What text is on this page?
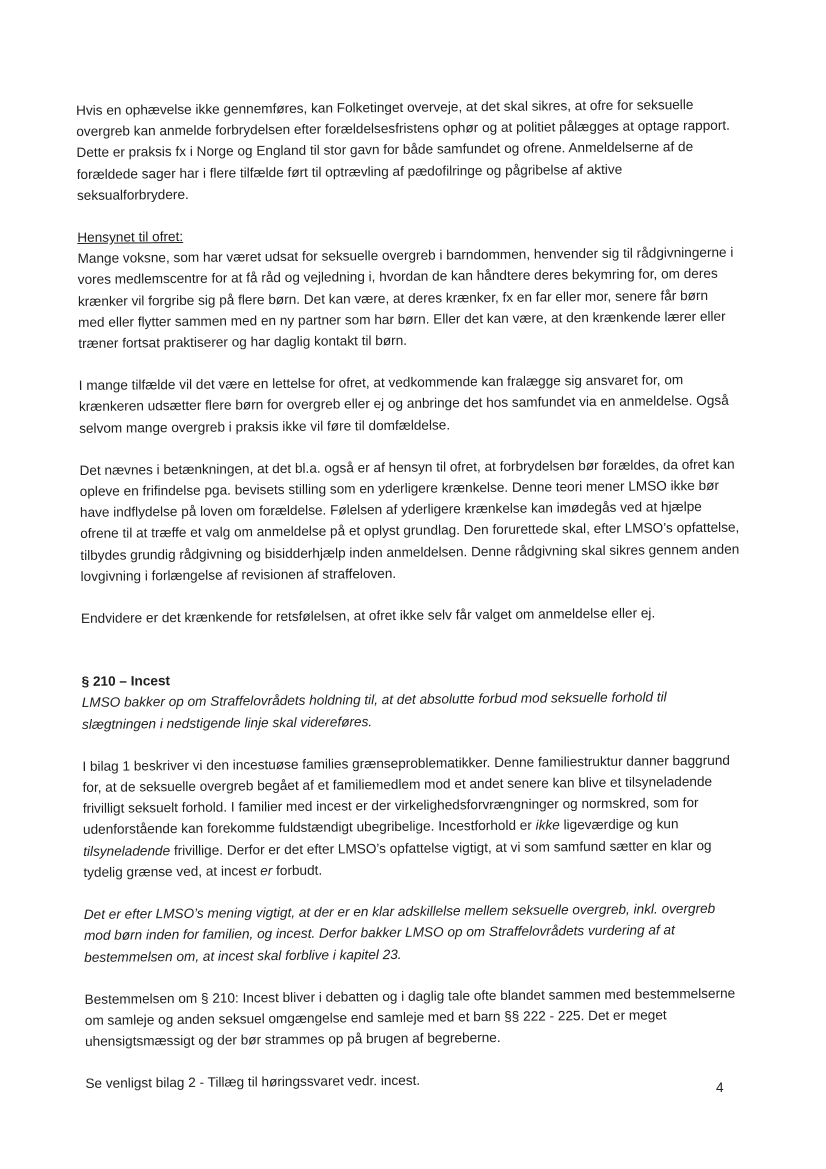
Hvis en ophævelse ikke gennemføres, kan Folketinget overveje, at det skal sikres, at ofre for seksuelle overgreb kan anmelde forbrydelsen efter forældelsesfristens ophør og at politiet pålægges at optage rapport. Dette er praksis fx i Norge og England til stor gavn for både samfundet og ofrene. Anmeldelserne af de forældede sager har i flere tilfælde ført til optrævling af pædofilringe og pågribelse af aktive seksualforbrydere.

Hensynet til ofret:

Mange voksne, som har været udsat for seksuelle overgreb i barndommen, henvender sig til rådgivningerne i vores medlemscentre for at få råd og vejledning i, hvordan de kan håndtere deres bekymring for, om deres krænker vil forgribe sig på flere børn. Det kan være, at deres krænker, fx en far eller mor, senere får børn med eller flytter sammen med en ny partner som har børn. Eller det kan være, at den krænkende lærer eller træner fortsat praktiserer og har daglig kontakt til børn.

I mange tilfælde vil det være en lettelse for ofret, at vedkommende kan fralægge sig ansvaret for, om krænkeren udsætter flere børn for overgreb eller ej og anbringe det hos samfundet via en anmeldelse. Også selvom mange overgreb i praksis ikke vil føre til domfældelse.

Det nævnes i betænkningen, at det bl.a. også er af hensyn til ofret, at forbrydelsen bør forældes, da ofret kan opleve en frifindelse pga. bevisets stilling som en yderligere krænkelse. Denne teori mener LMSO ikke bør have indflydelse på loven om forældelse. Følelsen af yderligere krænkelse kan imødegås ved at hjælpe ofrene til at træffe et valg om anmeldelse på et oplyst grundlag. Den forurettede skal, efter LMSO’s opfattelse, tilbydes grundig rådgivning og bisidderhjælp inden anmeldelsen. Denne rådgivning skal sikres gennem anden lovgivning i forlængelse af revisionen af straffeloven.

Endvidere er det krænkende for retsfølelsen, at ofret ikke selv får valget om anmeldelse eller ej.

§ 210 – Incest

LMSO bakker op om Straffelovrådets holdning til, at det absolutte forbud mod seksuelle forhold til slægtningen i nedstigende linje skal videreføres.

I bilag 1 beskriver vi den incestuøse families grænseproblematikker. Denne familiestruktur danner baggrund for, at de seksuelle overgreb begået af et familiemedlem mod et andet senere kan blive et tilsyneladende frivilligt seksuelt forhold. I familier med incest er der virkelighedsforvrængninger og normskred, som for udenforstående kan forekomme fuldstændigt ubegribelige. Incestforhold er ikke ligeværdige og kun tilsyneladende frivillige. Derfor er det efter LMSO’s opfattelse vigtigt, at vi som samfund sætter en klar og tydelig grænse ved, at incest er forbudt.

Det er efter LMSO’s mening vigtigt, at der er en klar adskillelse mellem seksuelle overgreb, inkl. overgreb mod børn inden for familien, og incest. Derfor bakker LMSO op om Straffelovrådets vurdering af at bestemmelsen om, at incest skal forblive i kapitel 23.

Bestemmelsen om § 210: Incest bliver i debatten og i daglig tale ofte blandet sammen med bestemmelserne om samleje og anden seksuel omgængelse end samleje med et barn §§ 222 - 225. Det er meget uhensigtsmæssigt og der bør strammes op på brugen af begreberne.

Se venligst bilag 2 - Tillæg til høringssvaret vedr. incest.	4
